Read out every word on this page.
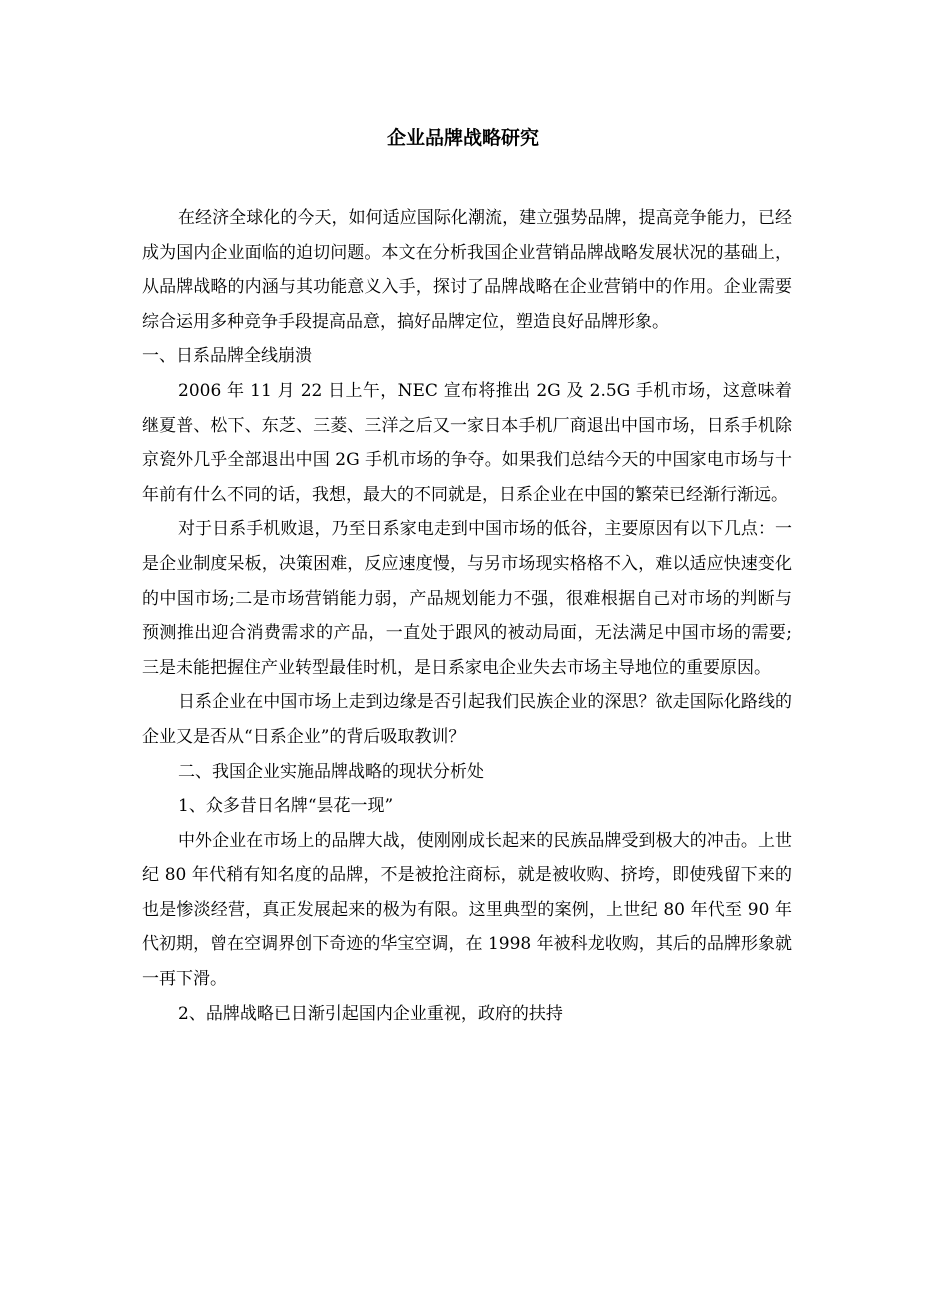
企业品牌战略研究

在经济全球化的今天，如何适应国际化潮流，建立强势品牌，提高竞争能力，已经成为国内企业面临的迫切问题。本文在分析我国企业营销品牌战略发展状况的基础上，从品牌战略的内涵与其功能意义入手，探讨了品牌战略在企业营销中的作用。企业需要综合运用多种竞争手段提高品意，搞好品牌定位，塑造良好品牌形象。

一、日系品牌全线崩溃

2006 年 11 月 22 日上午，NEC 宣布将推出 2G 及 2.5G 手机市场，这意味着继夏普、松下、东芝、三菱、三洋之后又一家日本手机厂商退出中国市场，日系手机除京瓷外几乎全部退出中国 2G 手机市场的争夺。如果我们总结今天的中国家电市场与十年前有什么不同的话，我想，最大的不同就是，日系企业在中国的繁荣已经渐行渐远。

对于日系手机败退，乃至日系家电走到中国市场的低谷，主要原因有以下几点：一是企业制度呆板，决策困难，反应速度慢，与另市场现实格格不入，难以适应快速变化的中国市场;二是市场营销能力弱，产品规划能力不强，很难根据自己对市场的判断与预测推出迎合消费需求的产品，一直处于跟风的被动局面，无法满足中国市场的需要;三是未能把握住产业转型最佳时机，是日系家电企业失去市场主导地位的重要原因。

日系企业在中国市场上走到边缘是否引起我们民族企业的深思？欲走国际化路线的企业又是否从“日系企业”的背后吸取教训？

二、我国企业实施品牌战略的现状分析处

1、众多昔日名牌“昙花一现”

中外企业在市场上的品牌大战，使刚刚成长起来的民族品牌受到极大的冲击。上世纪 80 年代稍有知名度的品牌，不是被抢注商标，就是被收购、挤垮，即使残留下来的也是惨淡经营，真正发展起来的极为有限。这里典型的案例，上世纪 80 年代至 90 年代初期，曾在空调界创下奇迹的华宝空调，在 1998 年被科龙收购，其后的品牌形象就一再下滑。

2、品牌战略已日渐引起国内企业重视，政府的扶持
